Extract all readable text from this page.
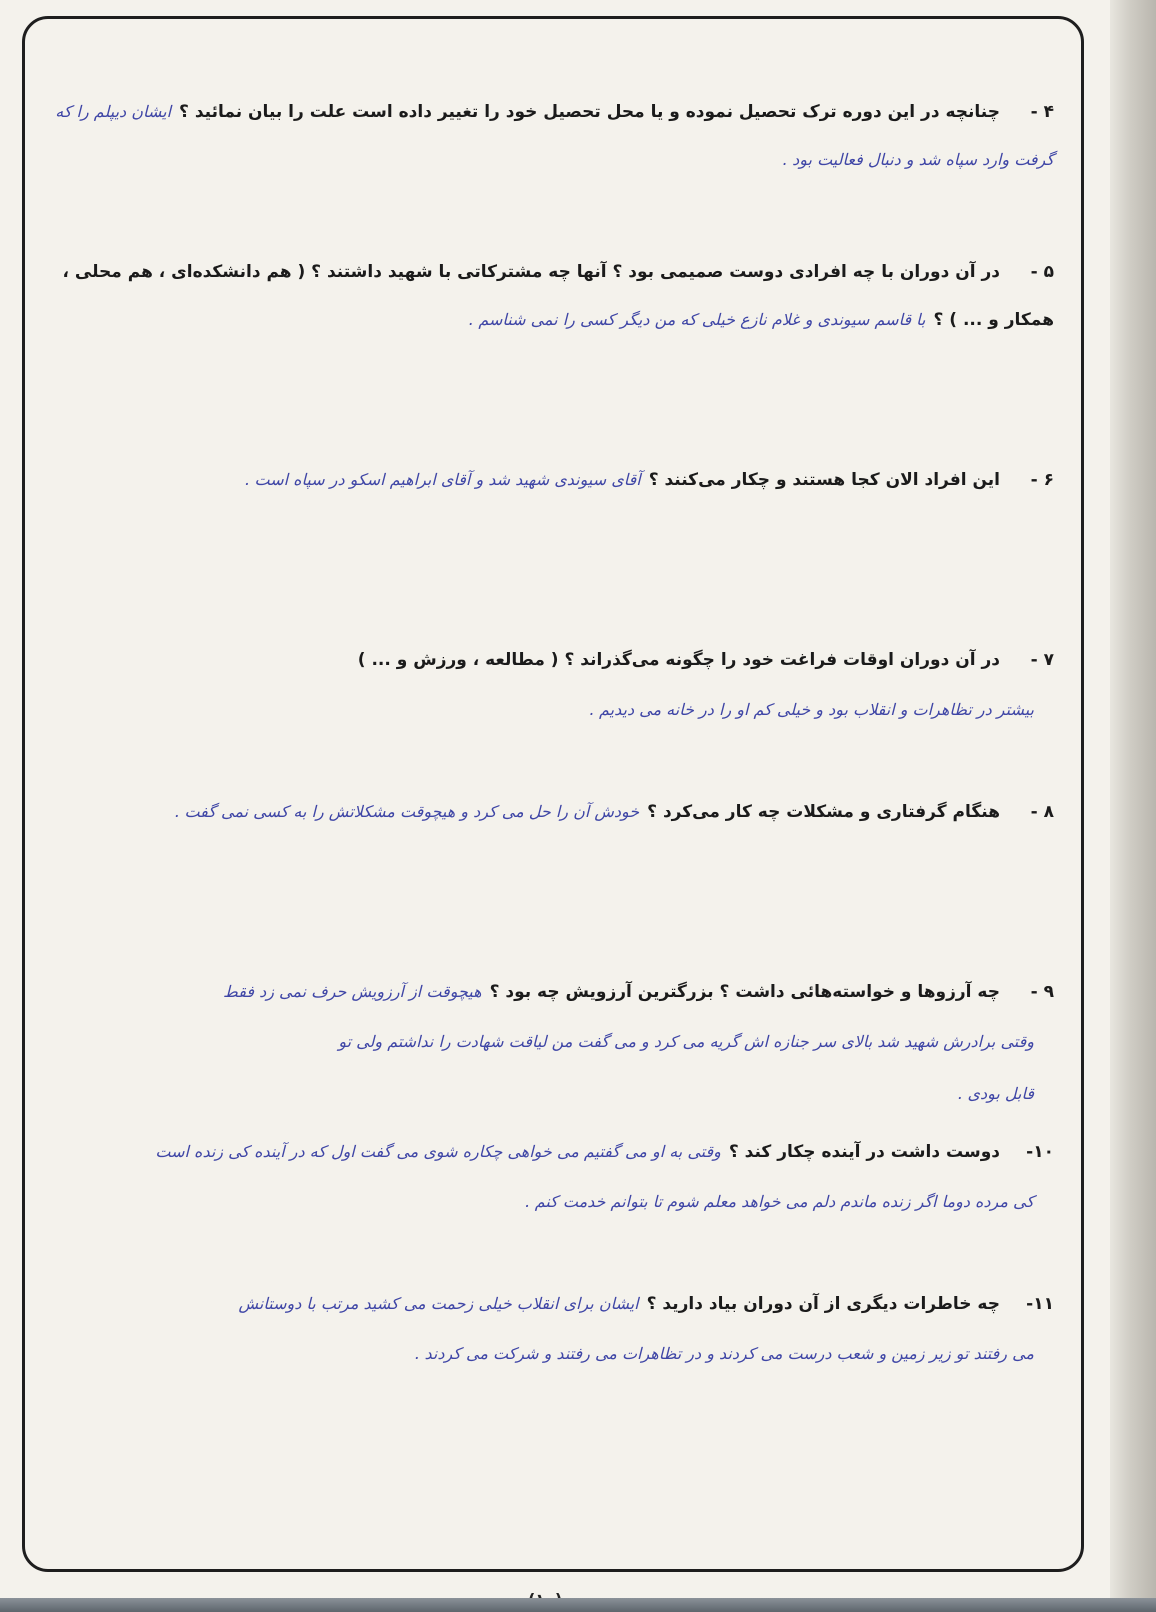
۴ -چنانچه در این دوره ترک تحصیل نموده و یا محل تحصیل خود را تغییر داده است علت را بیان نمائید ؟ایشان دیپلم را که گرفت وارد سپاه شد و دنبال فعالیت بود .
۵ -در آن دوران با چه افرادی دوست صمیمی بود ؟ آنها چه مشترکاتی با شهید داشتند ؟ ( هم دانشکده‌ای ، هم محلی ، همکار و ... ) ؟با قاسم سیوندی و غلام نازع خیلی که من دیگر کسی را نمی شناسم .
۶ -این افراد الان کجا هستند و چکار می‌کنند ؟آقای سیوندی شهید شد و آقای ابراهیم اسکو در سپاه است .
۷ -در آن دوران اوقات فراغت خود را چگونه می‌گذراند ؟ ( مطالعه ، ورزش و ... )
بیشتر در تظاهرات و انقلاب بود و خیلی کم او را در خانه می دیدیم .
۸ -هنگام گرفتاری و مشکلات چه کار می‌کرد ؟خودش آن را حل می کرد و هیچوقت مشکلاتش را به کسی نمی گفت .
۹ -چه آرزوها و خواسته‌هائی داشت ؟ بزرگترین آرزویش چه بود ؟هیچوقت از آرزویش حرف نمی زد فقط
وقتی برادرش شهید شد بالای سر جنازه اش گریه می کرد و می گفت من لیاقت شهادت را نداشتم ولی تو
قابل بودی .
۱۰-دوست داشت در آینده چکار کند ؟وقتی به او می گفتیم می خواهی چکاره شوی می گفت اول که در آینده کی زنده است
کی مرده دوما اگر زنده ماندم دلم می خواهد معلم شوم تا بتوانم خدمت کنم .
۱۱-چه خاطرات دیگری از آن دوران بیاد دارید ؟ایشان برای انقلاب خیلی زحمت می کشید مرتب با دوستانش
می رفتند تو زیر زمین و شعب درست می کردند و در تظاهرات می رفتند و شرکت می کردند .
